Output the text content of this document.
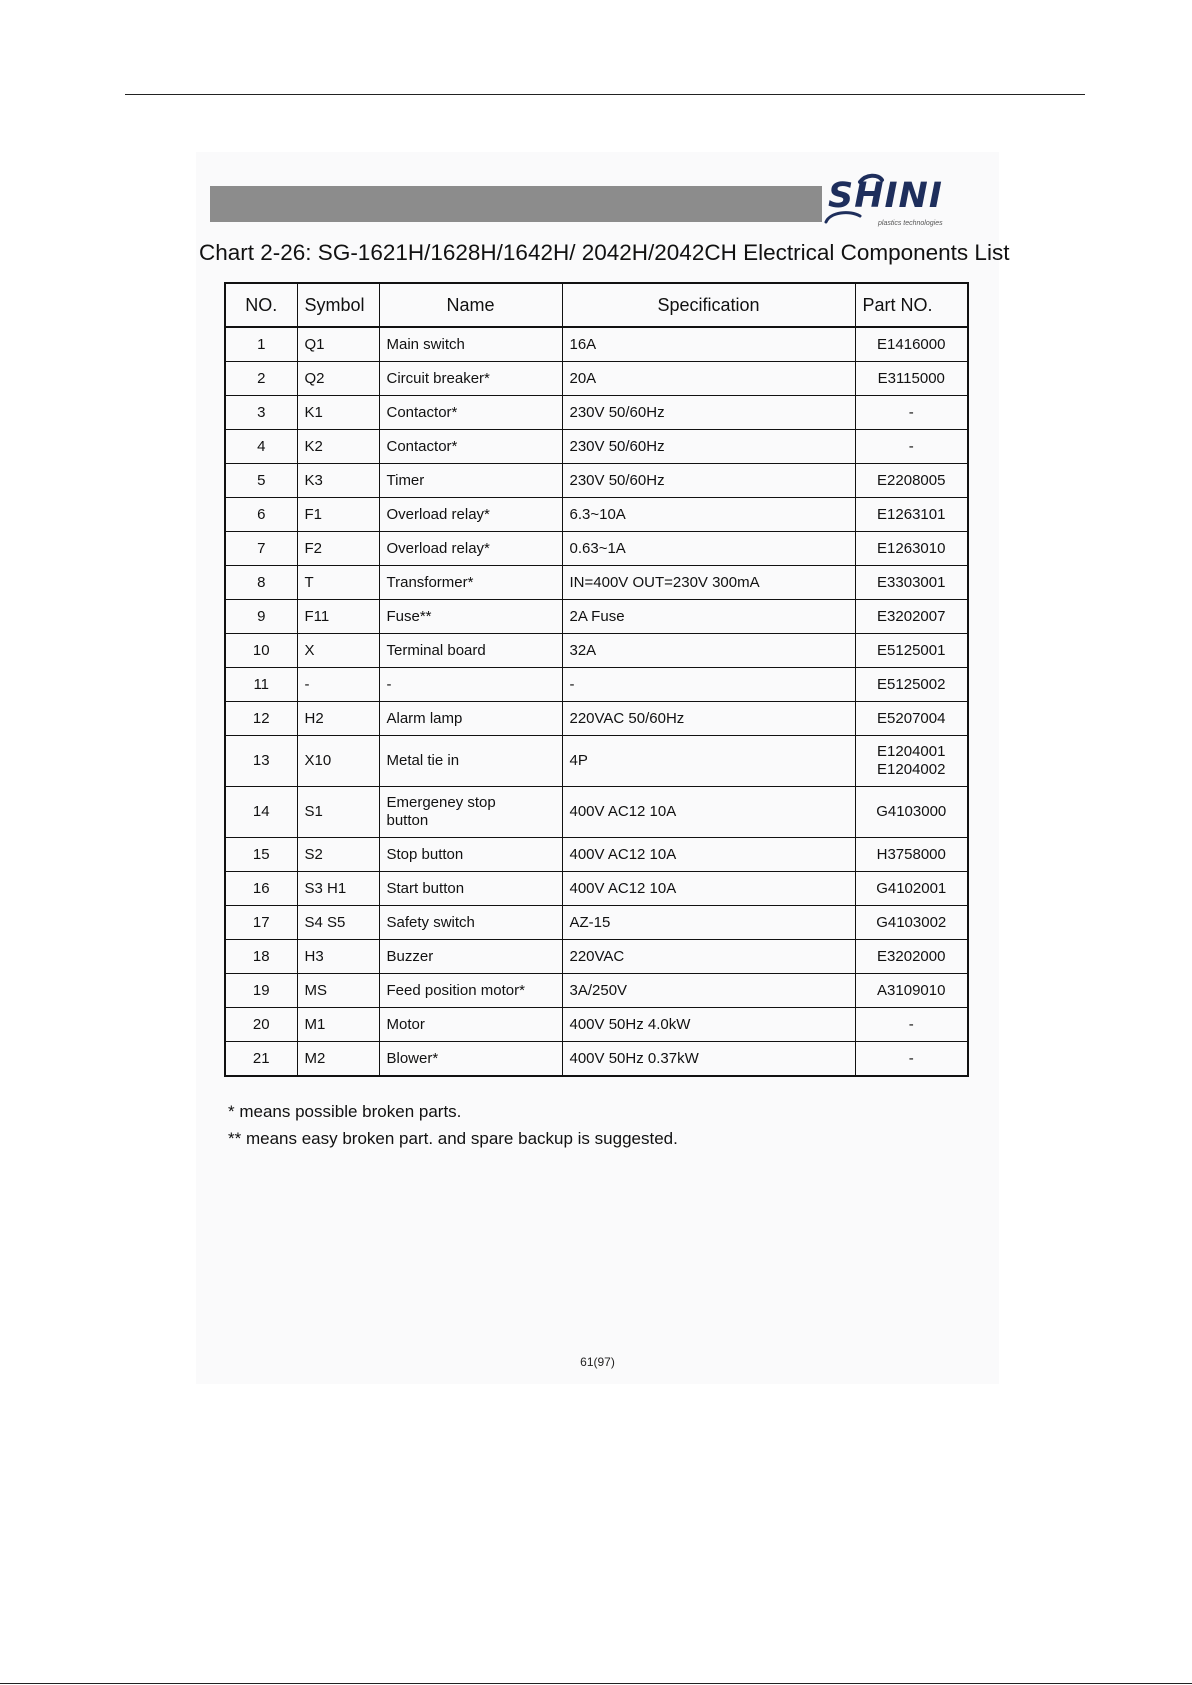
SHINI
plastics technologies
Chart 2-26: SG-1621H/1628H/1642H/ 2042H/2042CH Electrical Components List
NO.	Symbol	Name	Specification	Part NO.
1	Q1	Main switch	16A	E1416000
2	Q2	Circuit breaker*	20A	E3115000
3	K1	Contactor*	230V 50/60Hz	-
4	K2	Contactor*	230V 50/60Hz	-
5	K3	Timer	230V 50/60Hz	E2208005
6	F1	Overload relay*	6.3~10A	E1263101
7	F2	Overload relay*	0.63~1A	E1263010
8	T	Transformer*	IN=400V OUT=230V 300mA	E3303001
9	F11	Fuse**	2A Fuse	E3202007
10	X	Terminal board	32A	E5125001
11	-	-	-	E5125002
12	H2	Alarm lamp	220VAC 50/60Hz	E5207004
13	X10	Metal tie in	4P	E1204001
E1204002

14	S1	Emergeney stop
button	400V AC12 10A	G4103000
15	S2	Stop button	400V AC12 10A	H3758000
16	S3 H1	Start button	400V AC12 10A	G4102001
17	S4 S5	Safety switch	AZ-15	G4103002
18	H3	Buzzer	220VAC	E3202000
19	MS	Feed position motor*	3A/250V	A3109010
20	M1	Motor	400V 50Hz 4.0kW	-
21	M2	Blower*	400V 50Hz 0.37kW	-
* means possible broken parts.
** means easy broken part. and spare backup is suggested.
61(97)
